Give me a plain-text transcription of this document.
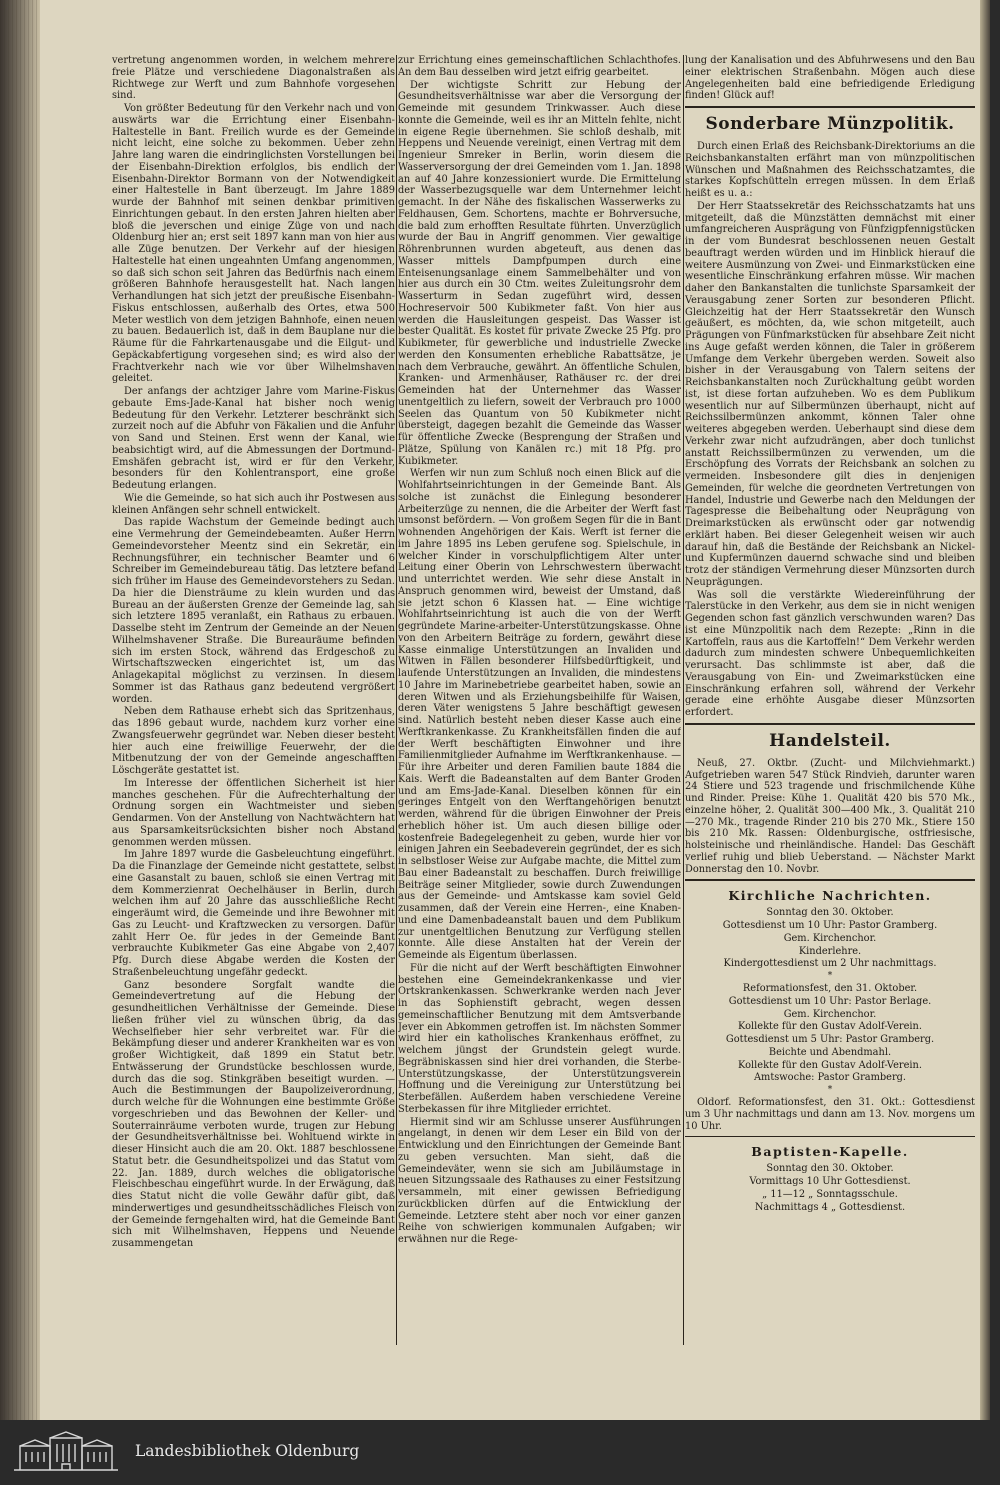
vertretung angenommen worden, in welchem mehrere freie Plätze und verschiedene Diagonalstraßen als Richtwege zur Werft und zum Bahnhofe vorgesehen sind.

Von größter Bedeutung für den Verkehr nach und von auswärts war die Errichtung einer Eisenbahn-Haltestelle in Bant. Freilich wurde es der Gemeinde nicht leicht, eine solche zu bekommen. Ueber zehn Jahre lang waren die eindringlichsten Vorstellungen bei der Eisenbahn-Direktion erfolglos, bis endlich der Eisenbahn-Direktor Bormann von der Notwendigkeit einer Haltestelle in Bant überzeugt. Im Jahre 1889 wurde der Bahnhof mit seinen denkbar primitiven Einrichtungen gebaut. In den ersten Jahren hielten aber bloß die jeverschen und einige Züge von und nach Oldenburg hier an; erst seit 1897 kann man von hier aus alle Züge benutzen. Der Verkehr auf der hiesigen Haltestelle hat einen ungeahnten Umfang angenommen, so daß sich schon seit Jahren das Bedürfnis nach einem größeren Bahnhofe herausgestellt hat. Nach langen Verhandlungen hat sich jetzt der preußische Eisenbahn-Fiskus entschlossen, außerhalb des Ortes, etwa 500 Meter westlich von dem jetzigen Bahnhofe, einen neuen zu bauen. Bedauerlich ist, daß in dem Bauplane nur die Räume für die Fahrkartenausgabe und die Eilgut- und Gepäckabfertigung vorgesehen sind; es wird also der Frachtverkehr nach wie vor über Wilhelmshaven geleitet.

Der anfangs der achtziger Jahre vom Marine-Fiskus gebaute Ems-Jade-Kanal hat bisher noch wenig Bedeutung für den Verkehr. Letzterer beschränkt sich zurzeit noch auf die Abfuhr von Fäkalien und die Anfuhr von Sand und Steinen. Erst wenn der Kanal, wie beabsichtigt wird, auf die Abmessungen der Dortmund-Emshäfen gebracht ist, wird er für den Verkehr, besonders für den Kohlentransport, eine große Bedeutung erlangen.

Wie die Gemeinde, so hat sich auch ihr Postwesen aus kleinen Anfängen sehr schnell entwickelt.

Das rapide Wachstum der Gemeinde bedingt auch eine Vermehrung der Gemeindebeamten. Außer Herrn Gemeindevorsteher Meentz sind ein Sekretär, ein Rechnungsführer, ein technischer Beamter und 6 Schreiber im Gemeindebureau tätig. Das letztere befand sich früher im Hause des Gemeindevorstehers zu Sedan. Da hier die Diensträume zu klein wurden und das Bureau an der äußersten Grenze der Gemeinde lag, sah sich letztere 1895 veranlaßt, ein Rathaus zu erbauen. Dasselbe steht im Zentrum der Gemeinde an der Neuen Wilhelmshavener Straße. Die Bureauräume befinden sich im ersten Stock, während das Erdgeschoß zu Wirtschaftszwecken eingerichtet ist, um das Anlagekapital möglichst zu verzinsen. In diesem Sommer ist das Rathaus ganz bedeutend vergrößert worden.

Neben dem Rathause erhebt sich das Spritzenhaus, das 1896 gebaut wurde, nachdem kurz vorher eine Zwangsfeuerwehr gegründet war. Neben dieser besteht hier auch eine freiwillige Feuerwehr, der die Mitbenutzung der von der Gemeinde angeschafften Löschgeräte gestattet ist.

Im Interesse der öffentlichen Sicherheit ist hier manches geschehen. Für die Aufrechterhaltung der Ordnung sorgen ein Wachtmeister und sieben Gendarmen. Von der Anstellung von Nachtwächtern hat aus Sparsamkeitsrücksichten bisher noch Abstand genommen werden müssen.

Im Jahre 1897 wurde die Gasbeleuchtung eingeführt. Da die Finanzlage der Gemeinde nicht gestattete, selbst eine Gasanstalt zu bauen, schloß sie einen Vertrag mit dem Kommerzienrat Oechelhäuser in Berlin, durch welchen ihm auf 20 Jahre das ausschließliche Recht eingeräumt wird, die Gemeinde und ihre Bewohner mit Gas zu Leucht- und Kraftzwecken zu versorgen. Dafür zahlt Herr Oe. für jedes in der Gemeinde Bant verbrauchte Kubikmeter Gas eine Abgabe von 2,407 Pfg. Durch diese Abgabe werden die Kosten der Straßenbeleuchtung ungefähr gedeckt.

Ganz besondere Sorgfalt wandte die Gemeindevertretung auf die Hebung der gesundheitlichen Verhältnisse der Gemeinde. Diese ließen früher viel zu wünschen übrig, da das Wechselfieber hier sehr verbreitet war. Für die Bekämpfung dieser und anderer Krankheiten war es von großer Wichtigkeit, daß 1899 ein Statut betr. Entwässerung der Grundstücke beschlossen wurde, durch das die sog. Stinkgräben beseitigt wurden. — Auch die Bestimmungen der Baupolizeiverordnung, durch welche für die Wohnungen eine bestimmte Größe vorgeschrieben und das Bewohnen der Keller- und Souterrainräume verboten wurde, trugen zur Hebung der Gesundheitsverhältnisse bei. Wohltuend wirkte in dieser Hinsicht auch die am 20. Okt. 1887 beschlossene Statut betr. die Gesundheitspolizei und das Statut vom 22. Jan. 1889, durch welches die obligatorische Fleischbeschau eingeführt wurde. In der Erwägung, daß dies Statut nicht die volle Gewähr dafür gibt, daß minderwertiges und gesundheitsschädliches Fleisch von der Gemeinde ferngehalten wird, hat die Gemeinde Bant sich mit Wilhelmshaven, Heppens und Neuende zusammengetan

zur Errichtung eines gemeinschaftlichen Schlachthofes. An dem Bau desselben wird jetzt eifrig gearbeitet.

Der wichtigste Schritt zur Hebung der Gesundheitsverhältnisse war aber die Versorgung der Gemeinde mit gesundem Trinkwasser. Auch diese konnte die Gemeinde, weil es ihr an Mitteln fehlte, nicht in eigene Regie übernehmen. Sie schloß deshalb, mit Heppens und Neuende vereinigt, einen Vertrag mit dem Ingenieur Smreker in Berlin, worin diesem die Wasserversorgung der drei Gemeinden vom 1. Jan. 1898 an auf 40 Jahre konzessioniert wurde. Die Ermittelung der Wasserbezugsquelle war dem Unternehmer leicht gemacht. In der Nähe des fiskalischen Wasserwerks zu Feldhausen, Gem. Schortens, machte er Bohrversuche, die bald zum erhofften Resultate führten. Unverzüglich wurde der Bau in Angriff genommen. Vier gewaltige Röhrenbrunnen wurden abgeteuft, aus denen das Wasser mittels Dampfpumpen durch eine Enteisenungsanlage einem Sammelbehälter und von hier aus durch ein 30 Ctm. weites Zuleitungsrohr dem Wasserturm in Sedan zugeführt wird, dessen Hochreservoir 500 Kubikmeter faßt. Von hier aus werden die Hausleitungen gespeist. Das Wasser ist bester Qualität. Es kostet für private Zwecke 25 Pfg. pro Kubikmeter, für gewerbliche und industrielle Zwecke werden den Konsumenten erhebliche Rabattsätze, je nach dem Verbrauche, gewährt. An öffentliche Schulen, Kranken- und Armenhäuser, Rathäuser rc. der drei Gemeinden hat der Unternehmer das Wasser unentgeltlich zu liefern, soweit der Verbrauch pro 1000 Seelen das Quantum von 50 Kubikmeter nicht übersteigt, dagegen bezahlt die Gemeinde das Wasser für öffentliche Zwecke (Besprengung der Straßen und Plätze, Spülung von Kanälen rc.) mit 18 Pfg. pro Kubikmeter.

Werfen wir nun zum Schluß noch einen Blick auf die Wohlfahrtseinrichtungen in der Gemeinde Bant. Als solche ist zunächst die Einlegung besonderer Arbeiterzüge zu nennen, die die Arbeiter der Werft fast umsonst befördern. — Von großem Segen für die in Bant wohnenden Angehörigen der Kais. Werft ist ferner die im Jahre 1895 ins Leben gerufene sog. Spielschule, in welcher Kinder in vorschulpflichtigem Alter unter Leitung einer Oberin von Lehrschwestern überwacht und unterrichtet werden. Wie sehr diese Anstalt in Anspruch genommen wird, beweist der Umstand, daß sie jetzt schon 6 Klassen hat. — Eine wichtige Wohlfahrtseinrichtung ist auch die von der Werft gegründete Marine-arbeiter-Unterstützungskasse. Ohne von den Arbeitern Beiträge zu fordern, gewährt diese Kasse einmalige Unterstützungen an Invaliden und Witwen in Fällen besonderer Hilfsbedürftigkeit, und laufende Unterstützungen an Invaliden, die mindestens 10 Jahre im Marinebetriebe gearbeitet haben, sowie an deren Witwen und als Erziehungsbeihilfe für Waisen, deren Väter wenigstens 5 Jahre beschäftigt gewesen sind. Natürlich besteht neben dieser Kasse auch eine Werftkrankenkasse. Zu Krankheitsfällen finden die auf der Werft beschäftigten Einwohner und ihre Familienmitglieder Aufnahme im Werftkrankenhause. — Für ihre Arbeiter und deren Familien baute 1884 die Kais. Werft die Badeanstalten auf dem Banter Groden und am Ems-Jade-Kanal. Dieselben können für ein geringes Entgelt von den Werftangehörigen benutzt werden, während für die übrigen Einwohner der Preis erheblich höher ist. Um auch diesen billige oder kostenfreie Badegelegenheit zu geben, wurde hier vor einigen Jahren ein Seebadeverein gegründet, der es sich in selbstloser Weise zur Aufgabe machte, die Mittel zum Bau einer Badeanstalt zu beschaffen. Durch freiwillige Beiträge seiner Mitglieder, sowie durch Zuwendungen aus der Gemeinde- und Amtskasse kam soviel Geld zusammen, daß der Verein eine Herren-, eine Knaben- und eine Damenbadeanstalt bauen und dem Publikum zur unentgeltlichen Benutzung zur Verfügung stellen konnte. Alle diese Anstalten hat der Verein der Gemeinde als Eigentum überlassen.

Für die nicht auf der Werft beschäftigten Einwohner bestehen eine Gemeindekrankenkasse und vier Ortskrankenkassen. Schwerkranke werden nach Jever in das Sophienstift gebracht, wegen dessen gemeinschaftlicher Benutzung mit dem Amtsverbande Jever ein Abkommen getroffen ist. Im nächsten Sommer wird hier ein katholisches Krankenhaus eröffnet, zu welchem jüngst der Grundstein gelegt wurde. Begräbniskassen sind hier drei vorhanden, die Sterbe-Unterstützungskasse, der Unterstützungsverein Hoffnung und die Vereinigung zur Unterstützung bei Sterbefällen. Außerdem haben verschiedene Vereine Sterbekassen für ihre Mitglieder errichtet.

Hiermit sind wir am Schlusse unserer Ausführungen angelangt, in denen wir dem Leser ein Bild von der Entwicklung und den Einrichtungen der Gemeinde Bant zu geben versuchten. Man sieht, daß die Gemeindeväter, wenn sie sich am Jubiläumstage in neuen Sitzungssaale des Rathauses zu einer Festsitzung versammeln, mit einer gewissen Befriedigung zurückblicken dürfen auf die Entwicklung der Gemeinde. Letztere steht aber noch vor einer ganzen Reihe von schwierigen kommunalen Aufgaben; wir erwähnen nur die Rege-

lung der Kanalisation und des Abfuhrwesens und den Bau einer elektrischen Straßenbahn. Mögen auch diese Angelegenheiten bald eine befriedigende Erledigung finden! Glück auf!

Sonderbare Münzpolitik.

Durch einen Erlaß des Reichsbank-Direktoriums an die Reichsbankanstalten erfährt man von münzpolitischen Wünschen und Maßnahmen des Reichsschatzamtes, die starkes Kopfschütteln erregen müssen. In dem Erlaß heißt es u. a.:

Der Herr Staatssekretär des Reichsschatzamts hat uns mitgeteilt, daß die Münzstätten demnächst mit einer umfangreicheren Ausprägung von Fünfzigpfennigstücken in der vom Bundesrat beschlossenen neuen Gestalt beauftragt werden würden und im Hinblick hierauf die weitere Ausmünzung von Zwei- und Einmarkstücken eine wesentliche Einschränkung erfahren müsse. Wir machen daher den Bankanstalten die tunlichste Sparsamkeit der Verausgabung zener Sorten zur besonderen Pflicht. Gleichzeitig hat der Herr Staatssekretär den Wunsch geäußert, es möchten, da, wie schon mitgeteilt, auch Prägungen von Fünfmarkstücken für absehbare Zeit nicht ins Auge gefaßt werden können, die Taler in größerem Umfange dem Verkehr übergeben werden. Soweit also bisher in der Verausgabung von Talern seitens der Reichsbankanstalten noch Zurückhaltung geübt worden ist, ist diese fortan aufzuheben. Wo es dem Publikum wesentlich nur auf Silbermünzen überhaupt, nicht auf Reichssilbermünzen ankommt, können Taler ohne weiteres abgegeben werden. Ueberhaupt sind diese dem Verkehr zwar nicht aufzudrängen, aber doch tunlichst anstatt Reichssilbermünzen zu verwenden, um die Erschöpfung des Vorrats der Reichsbank an solchen zu vermeiden. Insbesondere gilt dies in denjenigen Gemeinden, für welche die geordneten Vertretungen von Handel, Industrie und Gewerbe nach den Meldungen der Tagespresse die Beibehaltung oder Neuprägung von Dreimarkstücken als erwünscht oder gar notwendig erklärt haben. Bei dieser Gelegenheit weisen wir auch darauf hin, daß die Bestände der Reichsbank an Nickel- und Kupfermünzen dauernd schwache sind und bleiben trotz der ständigen Vermehrung dieser Münzsorten durch Neuprägungen.

Was soll die verstärkte Wiedereinführung der Talerstücke in den Verkehr, aus dem sie in nicht wenigen Gegenden schon fast gänzlich verschwunden waren? Das ist eine Münzpolitik nach dem Rezepte: „Rinn in die Kartoffeln, raus aus die Kartoffeln!“ Dem Verkehr werden dadurch zum mindesten schwere Unbequemlichkeiten verursacht. Das schlimmste ist aber, daß die Verausgabung von Ein- und Zweimarkstücken eine Einschränkung erfahren soll, während der Verkehr gerade eine erhöhte Ausgabe dieser Münzsorten erfordert.

Handelsteil.

Neuß, 27. Oktbr. (Zucht- und Milchviehmarkt.) Aufgetrieben waren 547 Stück Rindvieh, darunter waren 24 Stiere und 523 tragende und frischmilchende Kühe und Rinder. Preise: Kühe 1. Qualität 420 bis 570 Mk., einzelne höher, 2. Qualität 300—400 Mk., 3. Qualität 210—270 Mk., tragende Rinder 210 bis 270 Mk., Stiere 150 bis 210 Mk. Rassen: Oldenburgische, ostfriesische, holsteinische und rheinländische. Handel: Das Geschäft verlief ruhig und blieb Ueberstand. — Nächster Markt Donnerstag den 10. Novbr.

Kirchliche Nachrichten.

Sonntag den 30. Oktober.

Gottesdienst um 10 Uhr: Pastor Gramberg.

Gem. Kirchenchor.

Kinderlehre.

Kindergottesdienst um 2 Uhr nachmittags.

*

Reformationsfest, den 31. Oktober.

Gottesdienst um 10 Uhr: Pastor Berlage.

Gem. Kirchenchor.

Kollekte für den Gustav Adolf-Verein.

Gottesdienst um 5 Uhr: Pastor Gramberg.

Beichte und Abendmahl.

Kollekte für den Gustav Adolf-Verein.

Amtswoche: Pastor Gramberg.

*

Oldorf. Reformationsfest, den 31. Okt.: Gottesdienst um 3 Uhr nachmittags und dann am 13. Nov. morgens um 10 Uhr.

Baptisten-Kapelle.

Sonntag den 30. Oktober.

Vormittags 10 Uhr Gottesdienst.

„ 11—12 „ Sonntagsschule.

Nachmittags 4 „ Gottesdienst.

Landesbibliothek Oldenburg
